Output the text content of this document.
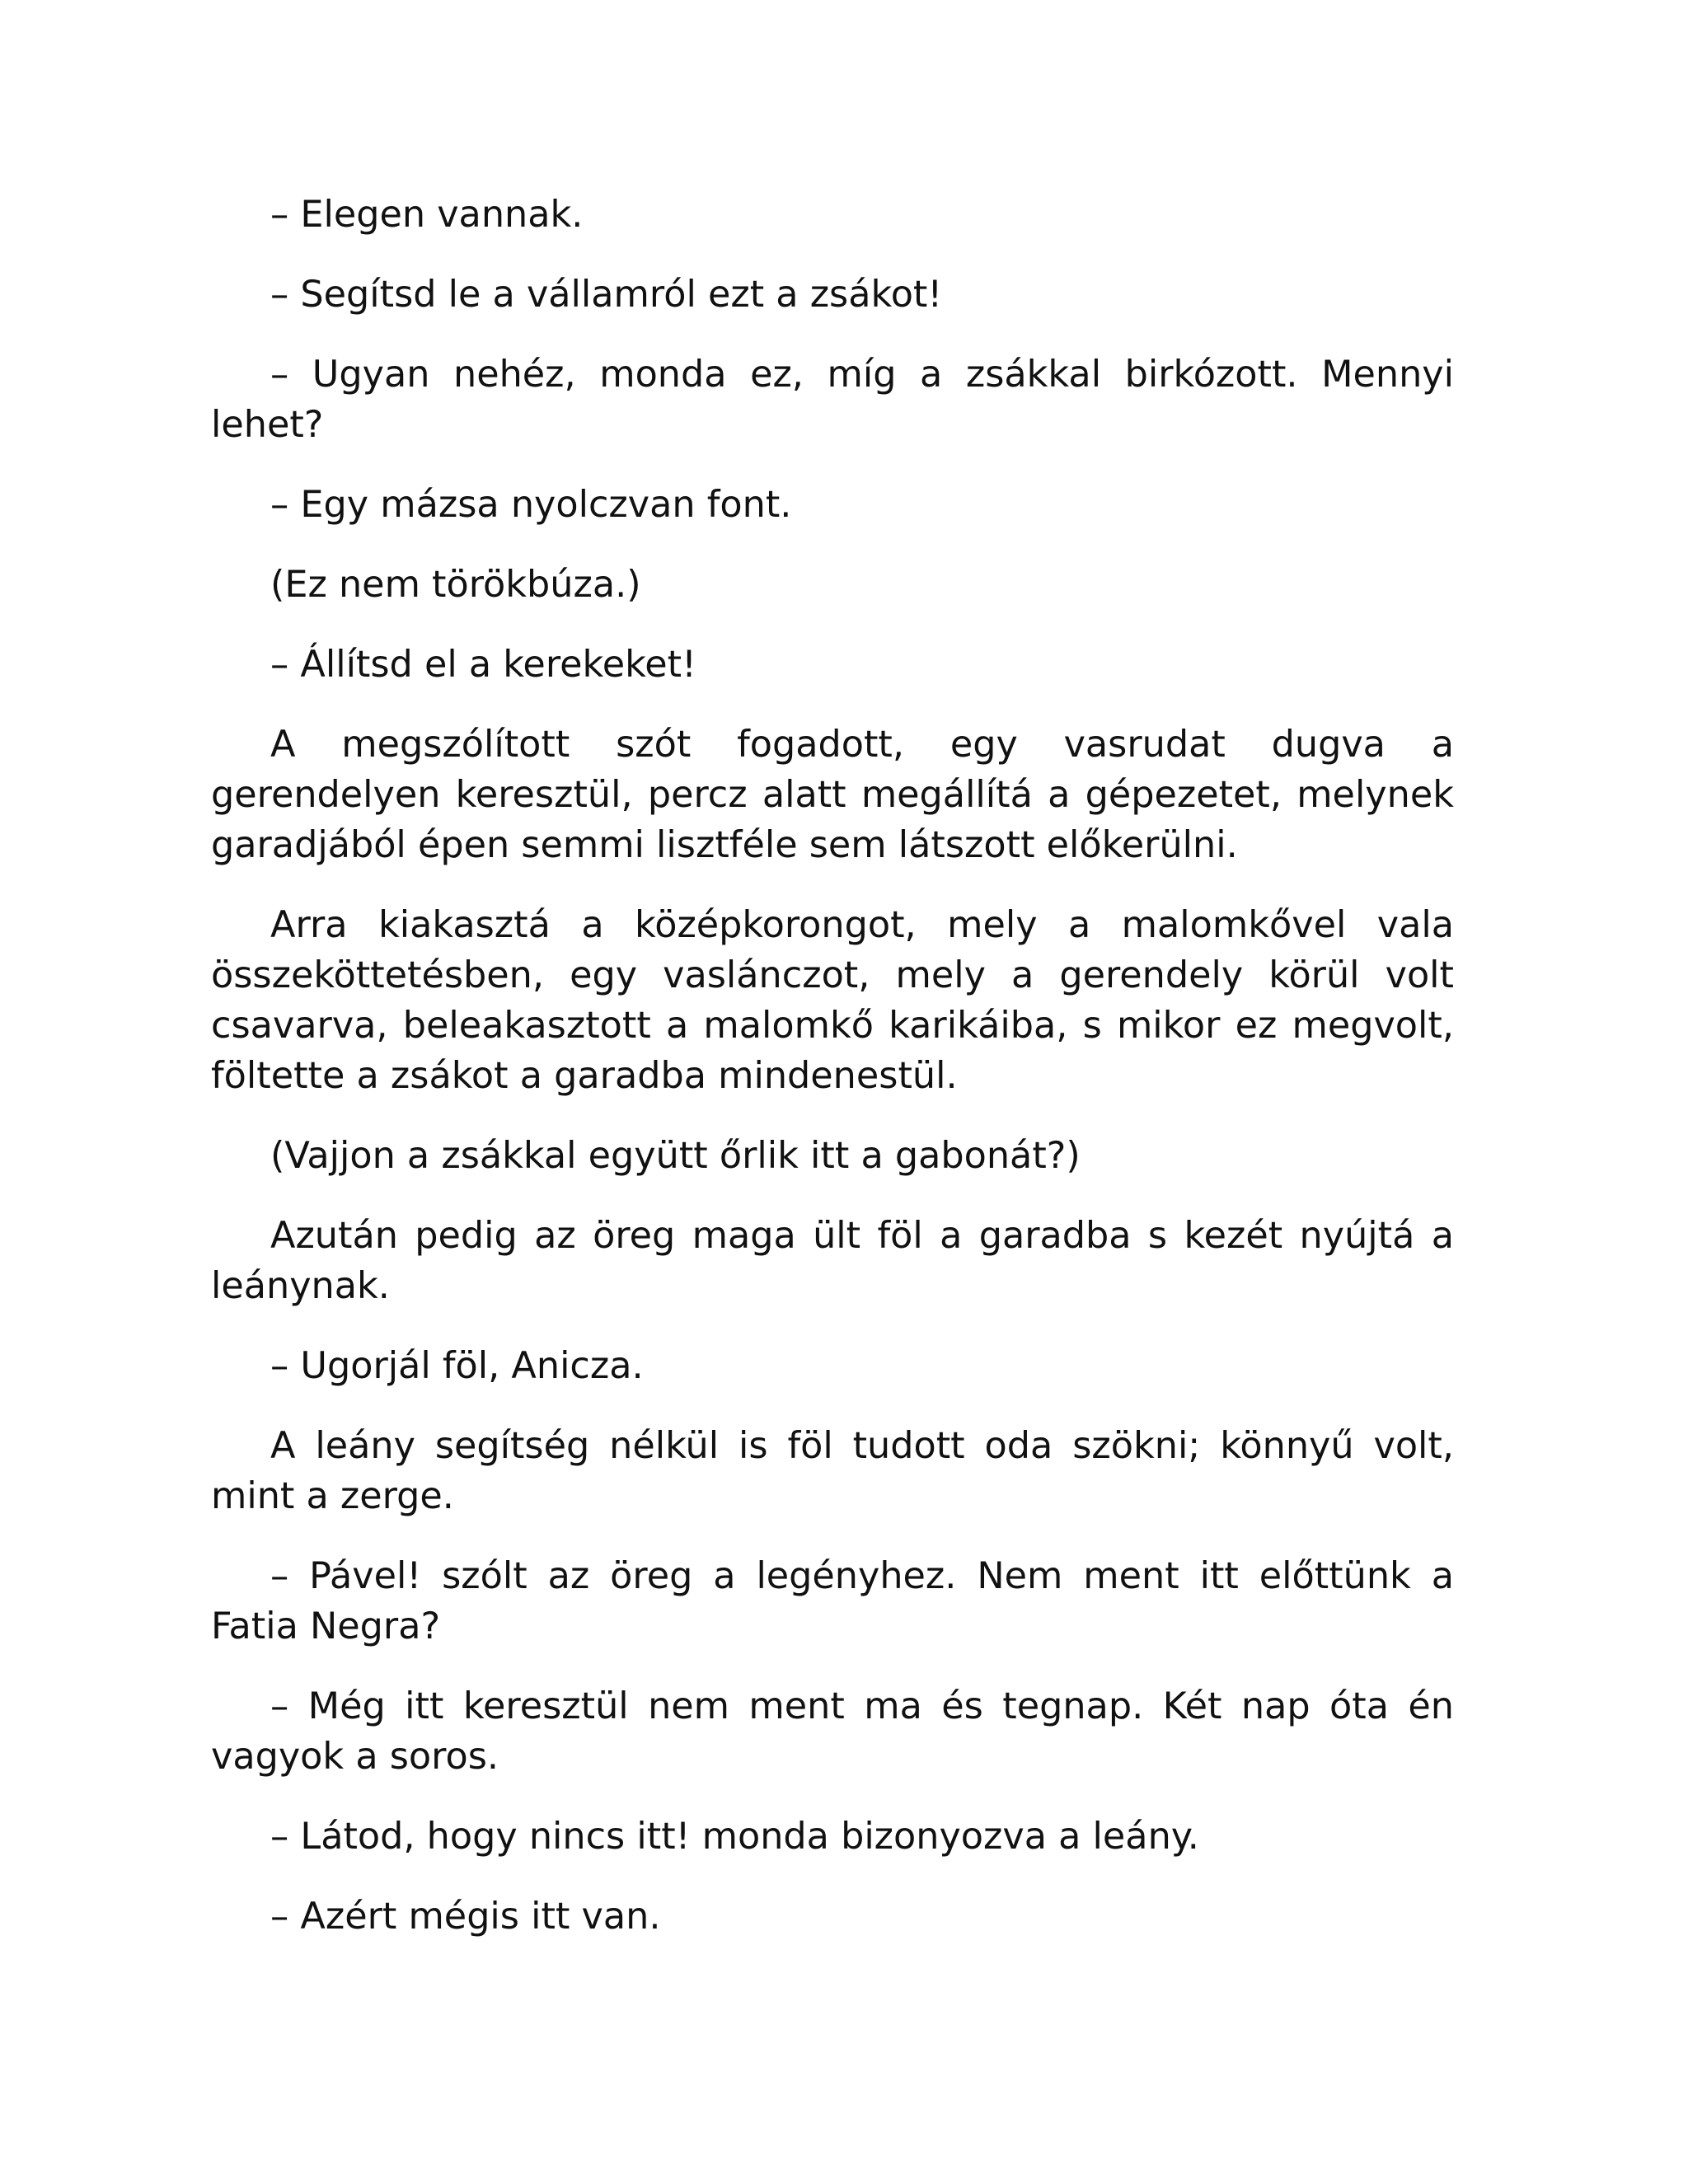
– Elegen vannak.

– Segítsd le a vállamról ezt a zsákot!

– Ugyan nehéz, monda ez, míg a zsákkal birkózott. Mennyi lehet?

– Egy mázsa nyolczvan font.

(Ez nem törökbúza.)

– Állítsd el a kerekeket!

A megszólított szót fogadott, egy vasrudat dugva a gerendelyen keresztül, percz alatt megállítá a gépezetet, melynek garadjából épen semmi lisztféle sem látszott előkerülni.

Arra kiakasztá a középkorongot, mely a malomkővel vala összeköttetésben, egy vaslánczot, mely a gerendely körül volt csavarva, beleakasztott a malomkő karikáiba, s mikor ez megvolt, föltette a zsákot a garadba mindenestül.

(Vajjon a zsákkal együtt őrlik itt a gabonát?)

Azután pedig az öreg maga ült föl a garadba s kezét nyújtá a leánynak.

– Ugorjál föl, Anicza.

A leány segítség nélkül is föl tudott oda szökni; könnyű volt, mint a zerge.

– Pável! szólt az öreg a legényhez. Nem ment itt előttünk a Fatia Negra?

– Még itt keresztül nem ment ma és tegnap. Két nap óta én vagyok a soros.

– Látod, hogy nincs itt! monda bizonyozva a leány.

– Azért mégis itt van.
